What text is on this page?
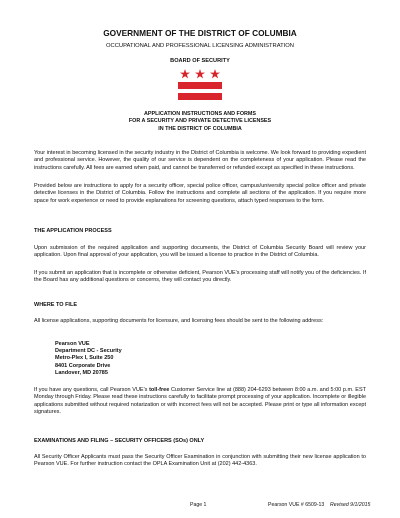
GOVERNMENT OF THE DISTRICT OF COLUMBIA
OCCUPATIONAL AND PROFESSIONAL LICENSING ADMINISTRATION
BOARD OF SECURITY
APPLICATION INSTRUCTIONS AND FORMS
FOR A SECURITY AND PRIVATE DETECTIVE LICENSES
IN THE DISTRICT OF COLUMBIA
Your interest in becoming licensed in the security industry in the District of Columbia is welcome. We look forward to providing expedient and professional service. However, the quality of our service is dependent on the completeness of your application. Please read the instructions carefully. All fees are earned when paid, and cannot be transferred or refunded except as specified in these instructions.
Provided below are instructions to apply for a security officer, special police officer, campus/university special police officer and private detective licenses in the District of Columbia. Follow the instructions and complete all sections of the application. If you require more space for work experience or need to provide explanations for screening questions, attach typed responses to the form.
THE APPLICATION PROCESS
Upon submission of the required application and supporting documents, the District of Columbia Security Board will review your application. Upon final approval of your application, you will be issued a license to practice in the District of Columbia.
If you submit an application that is incomplete or otherwise deficient, Pearson VUE's processing staff will notify you of the deficiencies. If the Board has any additional questions or concerns, they will contact you directly.
WHERE TO FILE
All license applications, supporting documents for licensure, and licensing fees should be sent to the following address:
Pearson VUE
Department DC - Security
Metro-Plex I, Suite 250
8401 Corporate Drive
Landover, MD 20785
If you have any questions, call Pearson VUE's toll-free Customer Service line at (888) 204-6293 between 8:00 a.m. and 5:00 p.m. EST Monday through Friday. Please read these instructions carefully to facilitate prompt processing of your application. Incomplete or illegible applications submitted without required notarization or with incorrect fees will not be accepted. Please print or type all information except signatures.
EXAMINATIONS AND FILING – SECURITY OFFICERS (SOs) ONLY
All Security Officer Applicants must pass the Security Officer Examination in conjunction with submitting their new license application to Pearson VUE. For further instruction contact the OPLA Examination Unit at (202) 442-4363.
Page 1	Pearson VUE # 6509-13 Revised 9/1/2015
